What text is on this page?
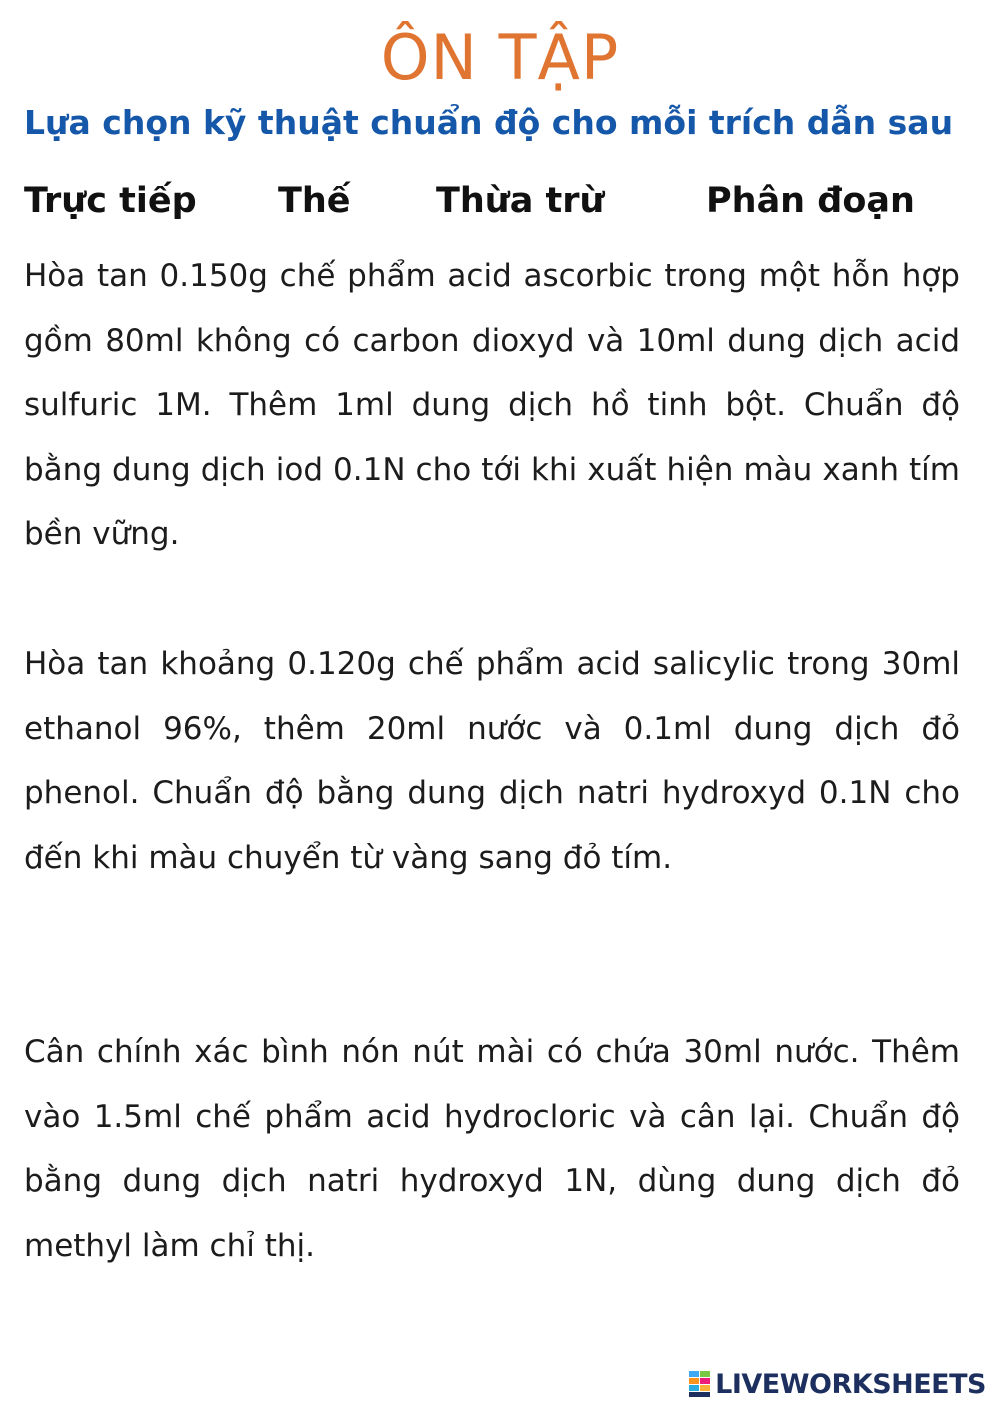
ÔN TẬP
Lựa chọn kỹ thuật chuẩn độ cho mỗi trích dẫn sau
Trực tiếp Thế Thừa trừ	Phân đoạn

Hòa tan 0.150g chế phẩm acid ascorbic trong một hỗn hợp gồm 80ml không có carbon dioxyd và 10ml dung dịch acid sulfuric 1M. Thêm 1ml dung dịch hồ tinh bột. Chuẩn độ bằng dung dịch iod 0.1N cho tới khi xuất hiện màu xanh tím bền vững.

Hòa tan khoảng 0.120g chế phẩm acid salicylic trong 30ml ethanol 96%, thêm 20ml nước và 0.1ml dung dịch đỏ phenol. Chuẩn độ bằng dung dịch natri hydroxyd 0.1N cho đến khi màu chuyển từ vàng sang đỏ tím.

Cân chính xác bình nón nút mài có chứa 30ml nước. Thêm vào 1.5ml chế phẩm acid hydrocloric và cân lại. Chuẩn độ bằng dung dịch natri hydroxyd 1N, dùng dung dịch đỏ methyl làm chỉ thị.

LIVEWORKSHEETS
